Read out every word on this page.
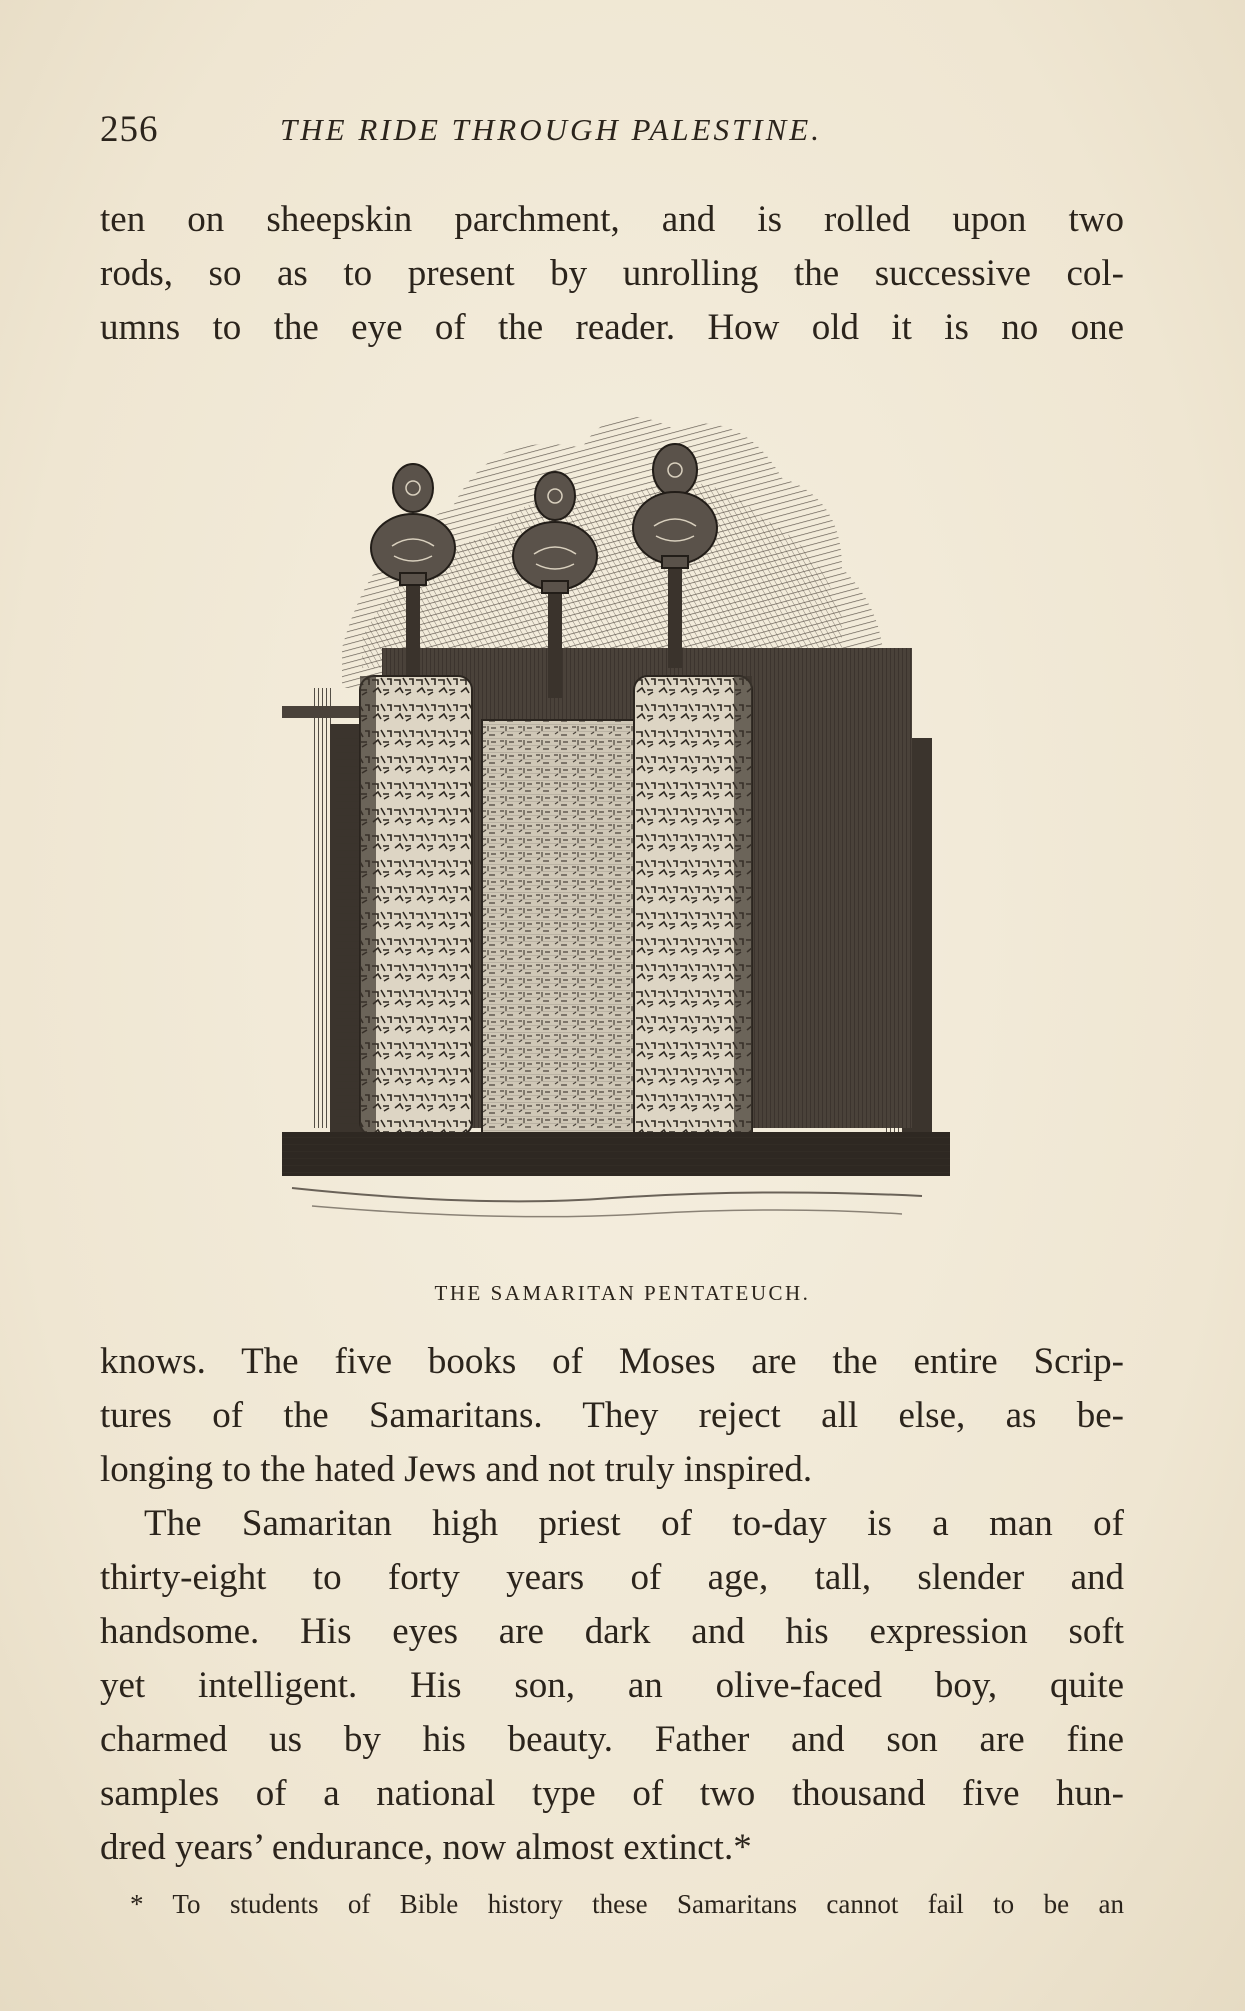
256	THE RIDE THROUGH PALESTINE.
ten on sheepskin parchment, and is rolled upon two
rods, so as to present by unrolling the successive col-
umns to the eye of the reader. How old it is no one
THE SAMARITAN PENTATEUCH.
knows. The five books of Moses are the entire Scrip-
tures of the Samaritans. They reject all else, as be-
longing to the hated Jews and not truly inspired.
The Samaritan high priest of to-day is a man of
thirty-eight to forty years of age, tall, slender and
handsome. His eyes are dark and his expression soft
yet intelligent. His son, an olive-faced boy, quite
charmed us by his beauty. Father and son are fine
samples of a national type of two thousand five hun-
dred years’ endurance, now almost extinct.*
* To students of Bible history these Samaritans cannot fail to be an
